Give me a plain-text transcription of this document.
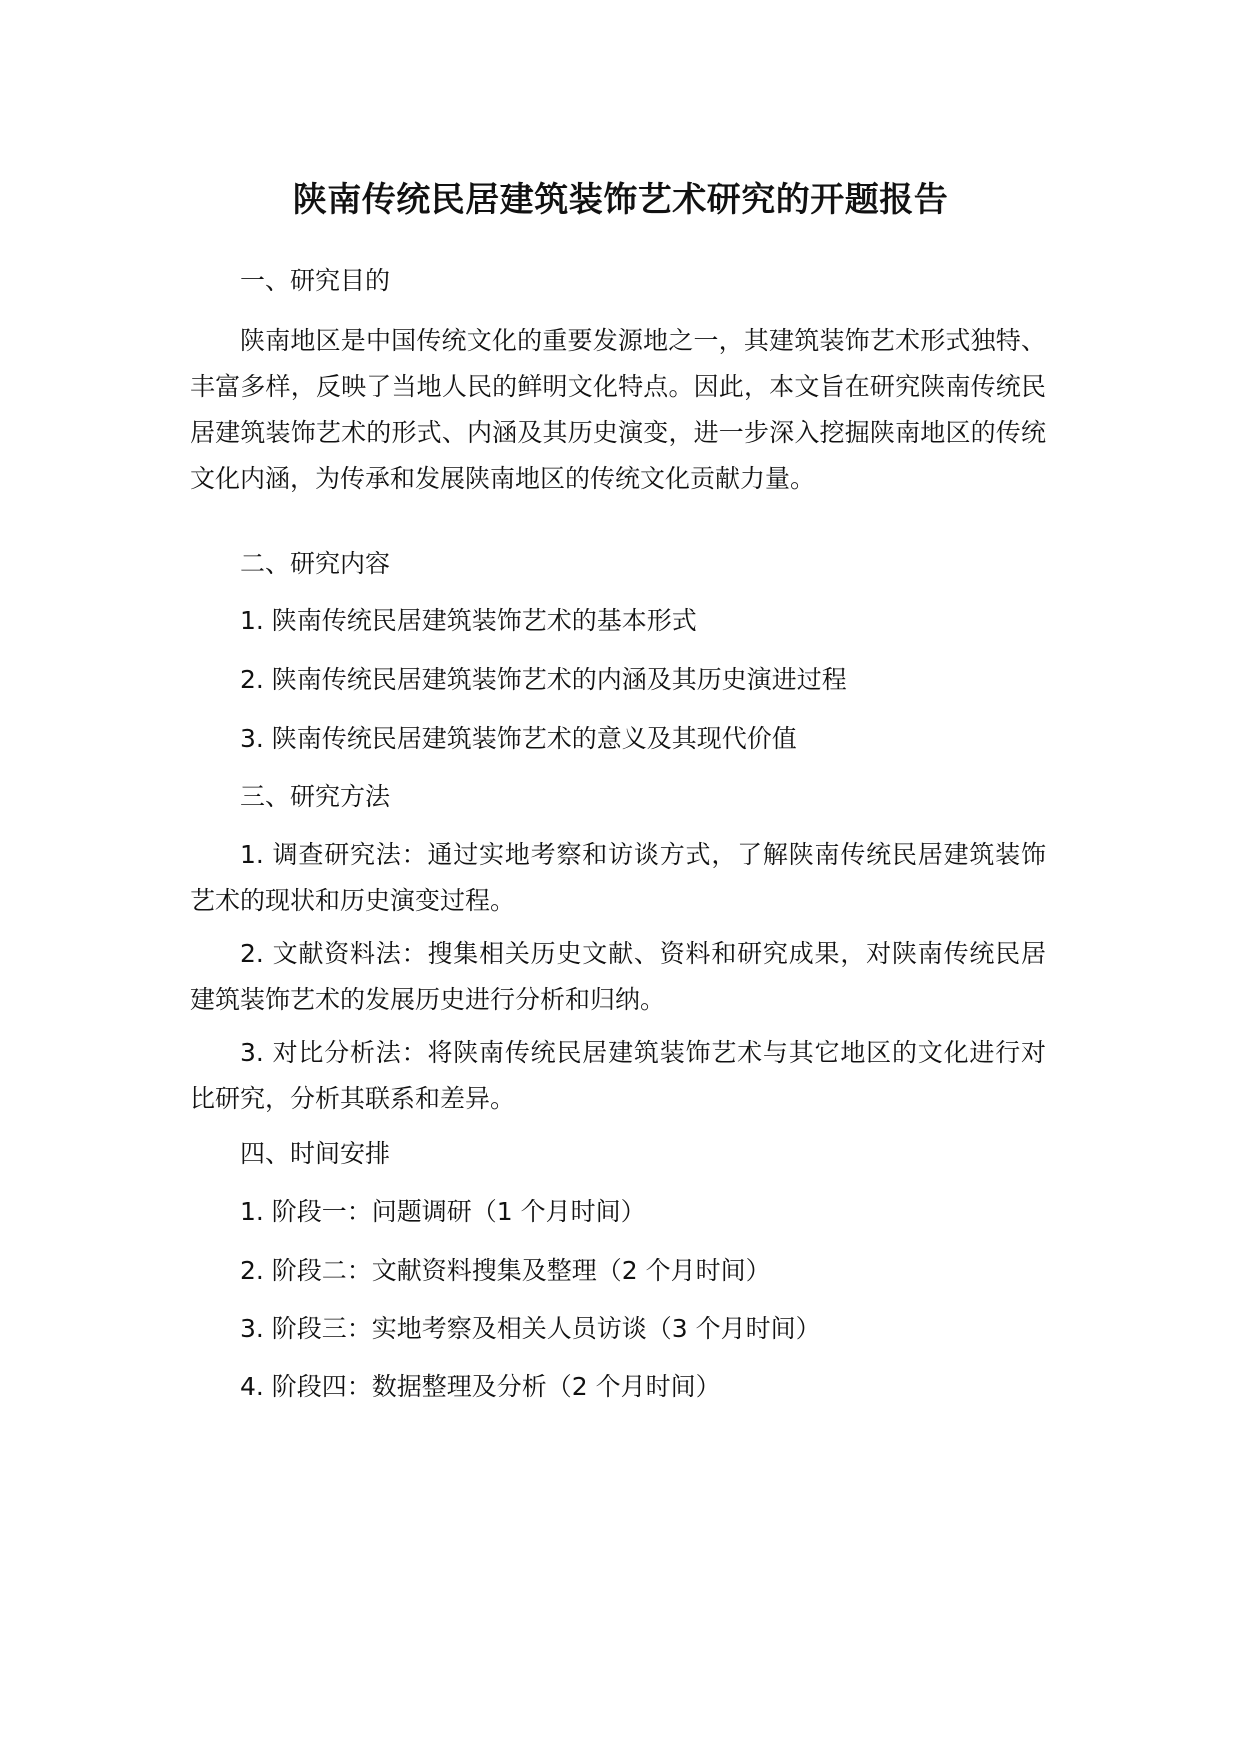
陕南传统民居建筑装饰艺术研究的开题报告

一、研究目的

陕南地区是中国传统文化的重要发源地之一，其建筑装饰艺术形式独特、丰富多样，反映了当地人民的鲜明文化特点。因此，本文旨在研究陕南传统民居建筑装饰艺术的形式、内涵及其历史演变，进一步深入挖掘陕南地区的传统文化内涵，为传承和发展陕南地区的传统文化贡献力量。

二、研究内容

1. 陕南传统民居建筑装饰艺术的基本形式

2. 陕南传统民居建筑装饰艺术的内涵及其历史演进过程

3. 陕南传统民居建筑装饰艺术的意义及其现代价值

三、研究方法

1. 调查研究法：通过实地考察和访谈方式，了解陕南传统民居建筑装饰艺术的现状和历史演变过程。

2. 文献资料法：搜集相关历史文献、资料和研究成果，对陕南传统民居建筑装饰艺术的发展历史进行分析和归纳。

3. 对比分析法：将陕南传统民居建筑装饰艺术与其它地区的文化进行对比研究，分析其联系和差异。

四、时间安排

1. 阶段一：问题调研（1 个月时间）

2. 阶段二：文献资料搜集及整理（2 个月时间）

3. 阶段三：实地考察及相关人员访谈（3 个月时间）

4. 阶段四：数据整理及分析（2 个月时间）
